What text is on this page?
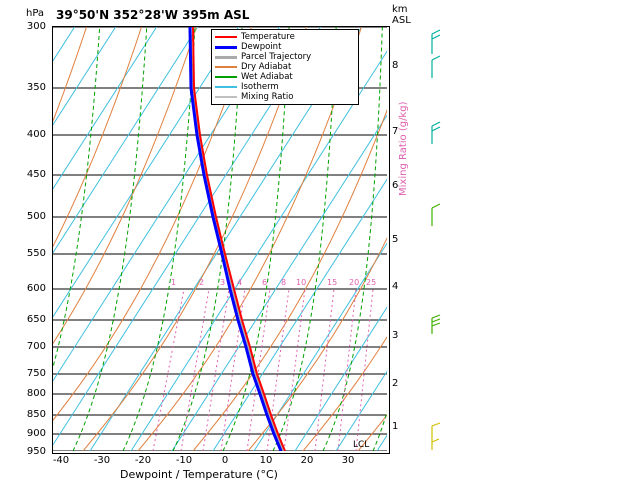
hPa 39°50'N 352°28'W 395m ASL	km
ASL
300
350
400
450
500
550
600
650
700
750
800
850
900
950
8
7
6
5
4
3
2
1
-40	-30	-20	-10	0	10	20	30
Dewpoint / Temperature (°C)
Mixing Ratio (g/kg)
1	2 3 4 6 8 10	15 20 25
LCL
Temperature
Dewpoint
Parcel Trajectory
Dry Adiabat
Wet Adiabat
Isotherm
Mixing Ratio
